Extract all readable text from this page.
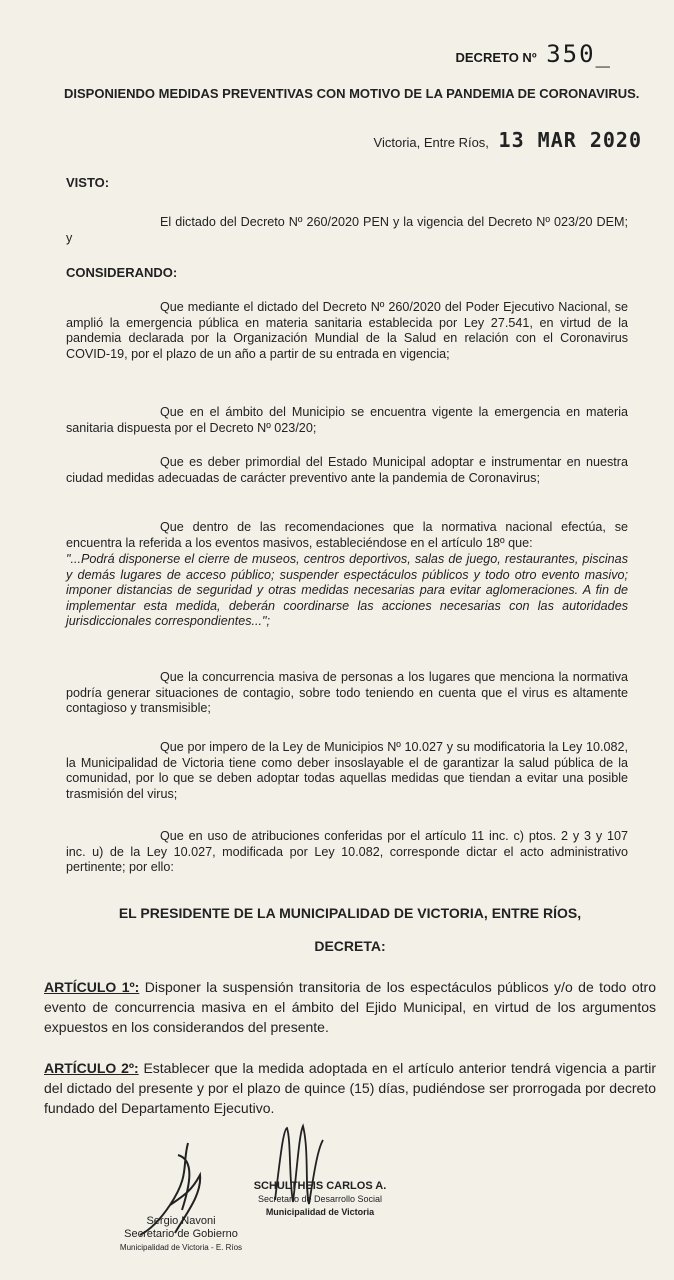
DECRETO Nº 350_
DISPONIENDO MEDIDAS PREVENTIVAS CON MOTIVO DE LA PANDEMIA DE CORONAVIRUS.
Victoria, Entre Ríos, 13 MAR 2020
VISTO:
El dictado del Decreto Nº 260/2020 PEN y la vigencia del Decreto Nº 023/20 DEM; y
CONSIDERANDO:
Que mediante el dictado del Decreto Nº 260/2020 del Poder Ejecutivo Nacional, se amplió la emergencia pública en materia sanitaria establecida por Ley 27.541, en virtud de la pandemia declarada por la Organización Mundial de la Salud en relación con el Coronavirus COVID-19, por el plazo de un año a partir de su entrada en vigencia;
Que en el ámbito del Municipio se encuentra vigente la emergencia en materia sanitaria dispuesta por el Decreto Nº 023/20;
Que es deber primordial del Estado Municipal adoptar e instrumentar en nuestra ciudad medidas adecuadas de carácter preventivo ante la pandemia de Coronavirus;
Que dentro de las recomendaciones que la normativa nacional efectúa, se encuentra la referida a los eventos masivos, estableciéndose en el artículo 18º que:
"...Podrá disponerse el cierre de museos, centros deportivos, salas de juego, restaurantes, piscinas y demás lugares de acceso público; suspender espectáculos públicos y todo otro evento masivo; imponer distancias de seguridad y otras medidas necesarias para evitar aglomeraciones. A fin de implementar esta medida, deberán coordinarse las acciones necesarias con las autoridades jurisdiccionales correspondientes...";
Que la concurrencia masiva de personas a los lugares que menciona la normativa podría generar situaciones de contagio, sobre todo teniendo en cuenta que el virus es altamente contagioso y transmisible;
Que por impero de la Ley de Municipios Nº 10.027 y su modificatoria la Ley 10.082, la Municipalidad de Victoria tiene como deber insoslayable el de garantizar la salud pública de la comunidad, por lo que se deben adoptar todas aquellas medidas que tiendan a evitar una posible trasmisión del virus;
Que en uso de atribuciones conferidas por el artículo 11 inc. c) ptos. 2 y 3 y 107 inc. u) de la Ley 10.027, modificada por Ley 10.082, corresponde dictar el acto administrativo pertinente; por ello:
EL PRESIDENTE DE LA MUNICIPALIDAD DE VICTORIA, ENTRE RÍOS,
DECRETA:
ARTÍCULO 1º: Disponer la suspensión transitoria de los espectáculos públicos y/o de todo otro evento de concurrencia masiva en el ámbito del Ejido Municipal, en virtud de los argumentos expuestos en los considerandos del presente.
ARTÍCULO 2º: Establecer que la medida adoptada en el artículo anterior tendrá vigencia a partir del dictado del presente y por el plazo de quince (15) días, pudiéndose ser prorrogada por decreto fundado del Departamento Ejecutivo.
Sergio Navoni
Secretario de Gobierno
Municipalidad de Victoria - E. Ríos
SCHULTHEIS CARLOS A.
Secretario de Desarrollo Social
Municipalidad de Victoria
